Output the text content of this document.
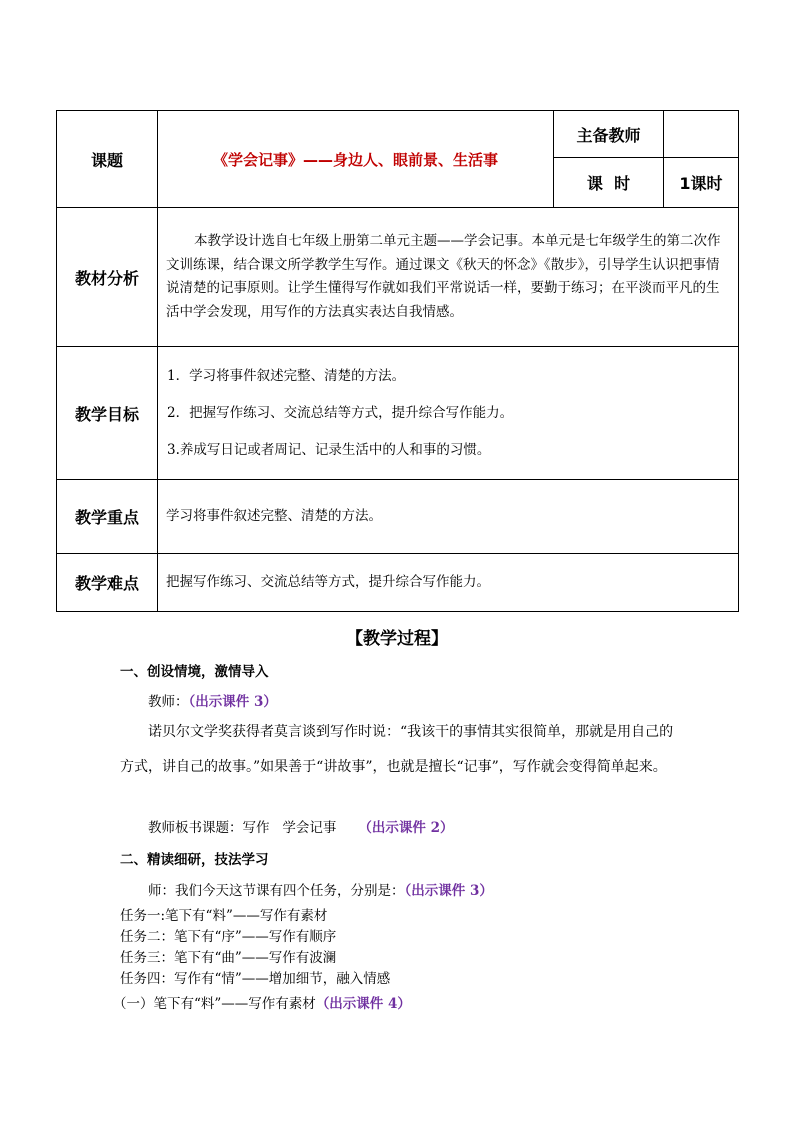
课题	《学会记事》——身边人、眼前景、生活事	主备教师	
		课  时	1课时
教材分析	本教学设计选自七年级上册第二单元主题——学会记事。本单元是七年级学生的第二次作文训练课，结合课文所学教学生写作。通过课文《秋天的怀念》《散步》，引导学生认识把事情说清楚的记事原则。让学生懂得写作就如我们平常说话一样，要勤于练习；在平淡而平凡的生活中学会发现，用写作的方法真实表达自我情感。		

教学目标	1．学习将事件叙述完整、清楚的方法。

2．把握写作练习、交流总结等方式，提升综合写作能力。

3.养成写日记或者周记、记录生活中的人和事的习惯。		

教学重点	学习将事件叙述完整、清楚的方法。		
教学难点	把握写作练习、交流总结等方式，提升综合写作能力。		
【教学过程】
一、创设情境，激情导入
教师：（出示课件 3）

诺贝尔文学奖获得者莫言谈到写作时说：“我该干的事情其实很简单，那就是用自己的方式，讲自己的故事。”如果善于“讲故事”，也就是擅长“记事”，写作就会变得简单起来。

教师板书课题：写作   学会记事 （出示课件 2）
二、精读细研，技法学习
师：我们今天这节课有四个任务，分别是：（出示课件 3）
任务一:笔下有“料”——写作有素材
任务二：笔下有“序”——写作有顺序
任务三：笔下有“曲”——写作有波澜
任务四：写作有“情”——增加细节，融入情感
（一）笔下有“料”——写作有素材（出示课件 4）
